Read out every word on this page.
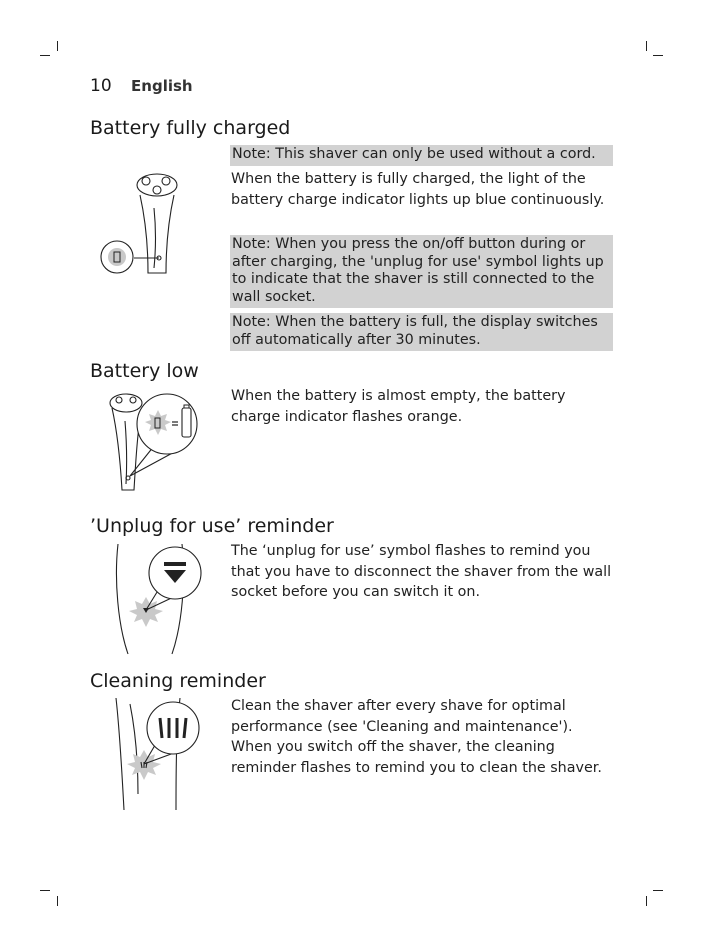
10 English
Battery fully charged
Note: This shaver can only be used without a cord.
When the battery is fully charged, the light of the battery charge indicator lights up blue continuously.
Note: When you press the on/off button during or after charging, the 'unplug for use' symbol lights up to indicate that the shaver is still connected to the wall socket.
Note: When the battery is full, the display switches off automatically after 30 minutes.
Battery low
When the battery is almost empty, the battery charge indicator flashes orange.
’Unplug for use’ reminder
The ‘unplug for use’ symbol flashes to remind you that you have to disconnect the shaver from the wall socket before you can switch it on.
Cleaning reminder
Clean the shaver after every shave for optimal performance (see 'Cleaning and maintenance'). When you switch off the shaver, the cleaning reminder flashes to remind you to clean the shaver.
